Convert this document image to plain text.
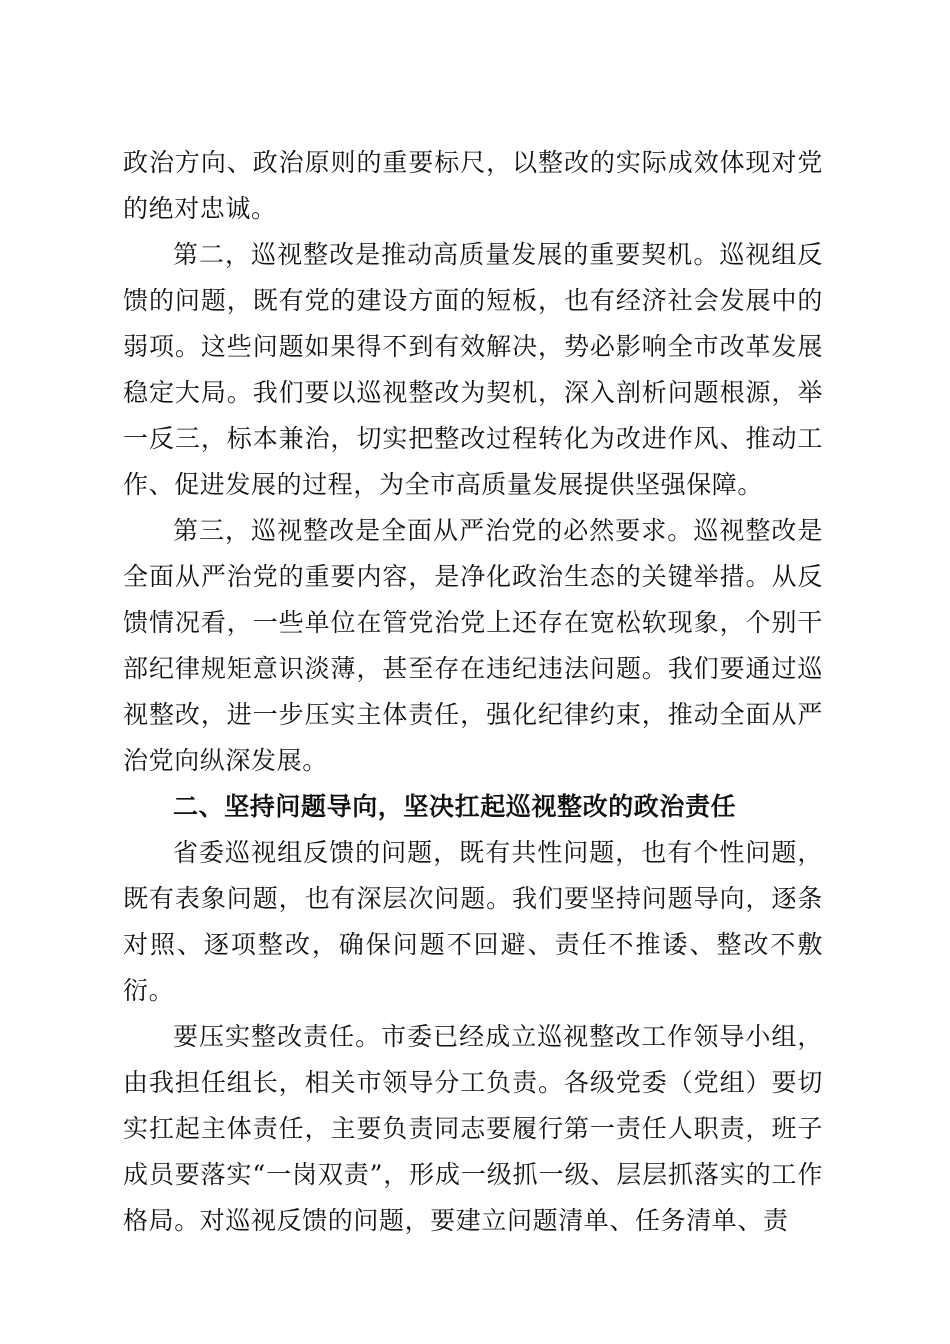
政治方向、政治原则的重要标尺，以整改的实际成效体现对党的绝对忠诚。

第二，巡视整改是推动高质量发展的重要契机。巡视组反馈的问题，既有党的建设方面的短板，也有经济社会发展中的弱项。这些问题如果得不到有效解决，势必影响全市改革发展稳定大局。我们要以巡视整改为契机，深入剖析问题根源，举一反三，标本兼治，切实把整改过程转化为改进作风、推动工作、促进发展的过程，为全市高质量发展提供坚强保障。

第三，巡视整改是全面从严治党的必然要求。巡视整改是全面从严治党的重要内容，是净化政治生态的关键举措。从反馈情况看，一些单位在管党治党上还存在宽松软现象，个别干部纪律规矩意识淡薄，甚至存在违纪违法问题。我们要通过巡视整改，进一步压实主体责任，强化纪律约束，推动全面从严治党向纵深发展。

二、坚持问题导向，坚决扛起巡视整改的政治责任

省委巡视组反馈的问题，既有共性问题，也有个性问题，既有表象问题，也有深层次问题。我们要坚持问题导向，逐条对照、逐项整改，确保问题不回避、责任不推诿、整改不敷衍。

要压实整改责任。市委已经成立巡视整改工作领导小组，由我担任组长，相关市领导分工负责。各级党委（党组）要切实扛起主体责任，主要负责同志要履行第一责任人职责，班子成员要落实“一岗双责”，形成一级抓一级、层层抓落实的工作格局。对巡视反馈的问题，要建立问题清单、任务清单、责
